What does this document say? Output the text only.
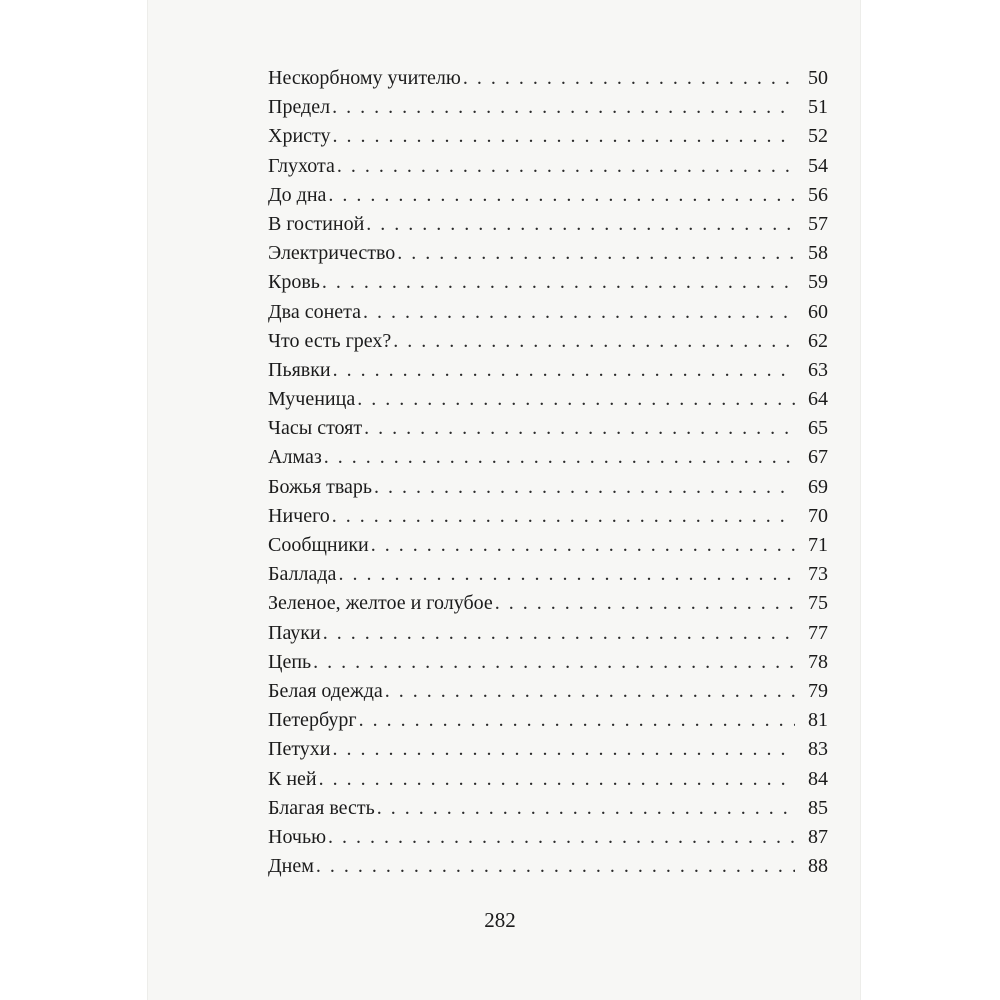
Нескорбному учителю . . .	50
Предел . . .	51
Христу . . .	52
Глухота . . .	54
До дна . . .	56
В гостиной . . .	57
Электричество . . .	58
Кровь . . .	59
Два сонета . . .	60
Что есть грех? . . .	62
Пьявки . . .	63
Мученица . . .	64
Часы стоят . . .	65
Алмаз . . .	67
Божья тварь . . .	69
Ничего . . .	70
Сообщники . . .	71
Баллада . . .	73
Зеленое, желтое и голубое . . .	75
Пауки . . .	77
Цепь . . .	78
Белая одежда . . .	79
Петербург . . .	81
Петухи . . .	83
К ней . . .	84
Благая весть . . .	85
Ночью . . .	87
Днем . . .	88
282
